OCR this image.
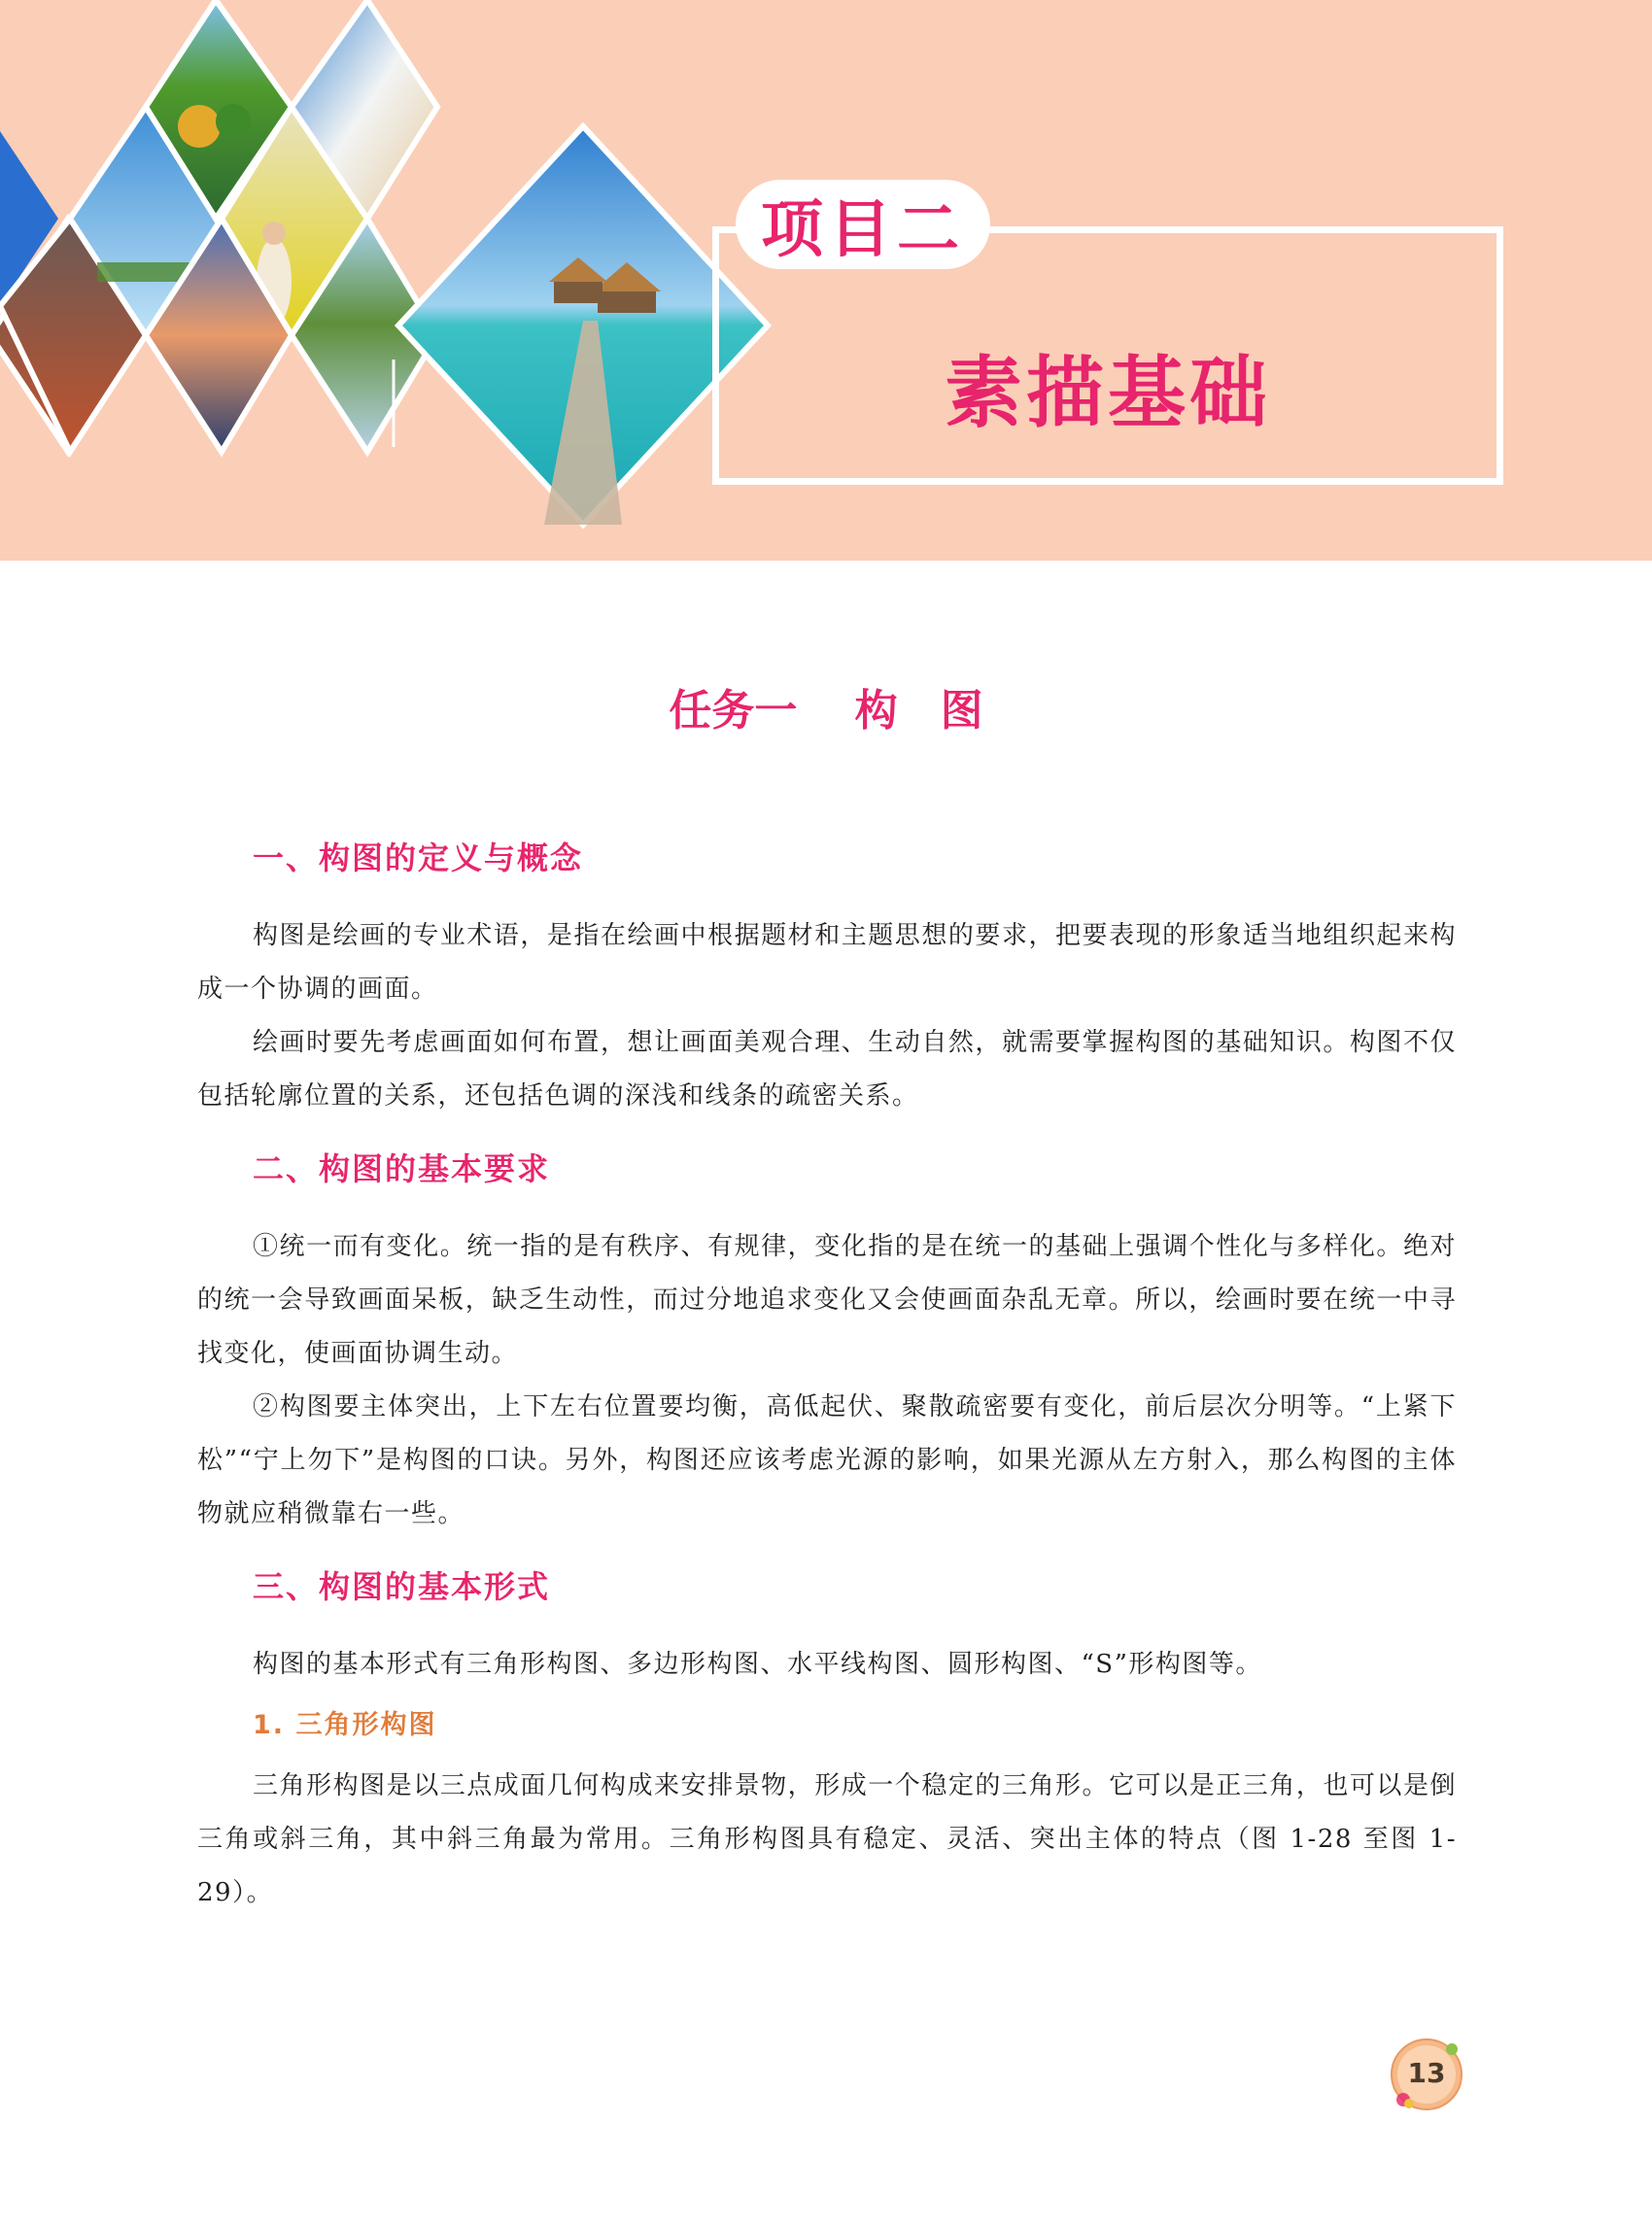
项目二
素描基础
任务一　 构　图
一、构图的定义与概念

构图是绘画的专业术语，是指在绘画中根据题材和主题思想的要求，把要表现的形象适当地组织起来构成一个协调的画面。

绘画时要先考虑画面如何布置，想让画面美观合理、生动自然，就需要掌握构图的基础知识。构图不仅包括轮廓位置的关系，还包括色调的深浅和线条的疏密关系。

二、构图的基本要求

①统一而有变化。统一指的是有秩序、有规律，变化指的是在统一的基础上强调个性化与多样化。绝对的统一会导致画面呆板，缺乏生动性，而过分地追求变化又会使画面杂乱无章。所以，绘画时要在统一中寻找变化，使画面协调生动。

②构图要主体突出，上下左右位置要均衡，高低起伏、聚散疏密要有变化，前后层次分明等。“上紧下松”“宁上勿下”是构图的口诀。另外，构图还应该考虑光源的影响，如果光源从左方射入，那么构图的主体物就应稍微靠右一些。

三、构图的基本形式

构图的基本形式有三角形构图、多边形构图、水平线构图、圆形构图、“S”形构图等。

1. 三角形构图

三角形构图是以三点成面几何构成来安排景物，形成一个稳定的三角形。它可以是正三角，也可以是倒三角或斜三角，其中斜三角最为常用。三角形构图具有稳定、灵活、突出主体的特点（图 1-28 至图 1-29）。

13
